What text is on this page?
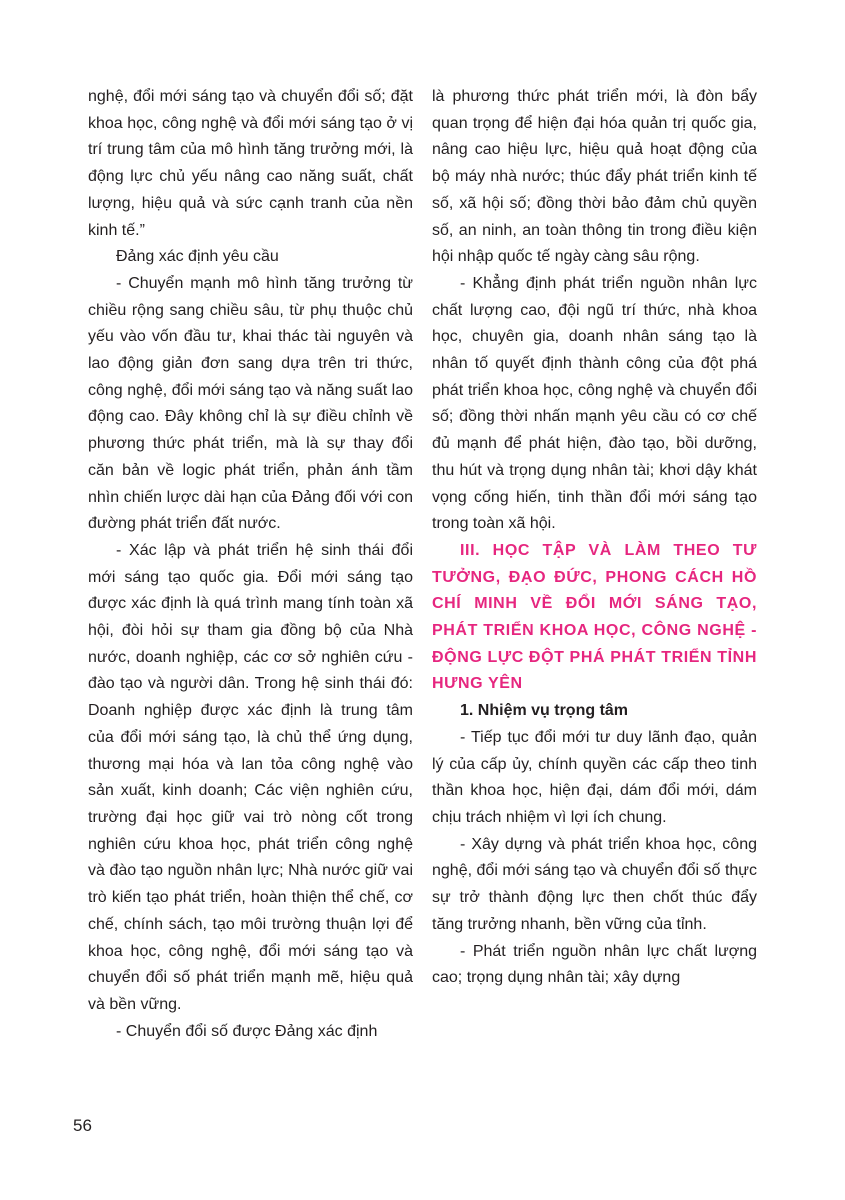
nghệ, đổi mới sáng tạo và chuyển đổi số; đặt khoa học, công nghệ và đổi mới sáng tạo ở vị trí trung tâm của mô hình tăng trưởng mới, là động lực chủ yếu nâng cao năng suất, chất lượng, hiệu quả và sức cạnh tranh của nền kinh tế.”

Đảng xác định yêu cầu

- Chuyển mạnh mô hình tăng trưởng từ chiều rộng sang chiều sâu, từ phụ thuộc chủ yếu vào vốn đầu tư, khai thác tài nguyên và lao động giản đơn sang dựa trên tri thức, công nghệ, đổi mới sáng tạo và năng suất lao động cao. Đây không chỉ là sự điều chỉnh về phương thức phát triển, mà là sự thay đổi căn bản về logic phát triển, phản ánh tầm nhìn chiến lược dài hạn của Đảng đối với con đường phát triển đất nước.

- Xác lập và phát triển hệ sinh thái đổi mới sáng tạo quốc gia. Đổi mới sáng tạo được xác định là quá trình mang tính toàn xã hội, đòi hỏi sự tham gia đồng bộ của Nhà nước, doanh nghiệp, các cơ sở nghiên cứu - đào tạo và người dân. Trong hệ sinh thái đó: Doanh nghiệp được xác định là trung tâm của đổi mới sáng tạo, là chủ thể ứng dụng, thương mại hóa và lan tỏa công nghệ vào sản xuất, kinh doanh; Các viện nghiên cứu, trường đại học giữ vai trò nòng cốt trong nghiên cứu khoa học, phát triển công nghệ và đào tạo nguồn nhân lực; Nhà nước giữ vai trò kiến tạo phát triển, hoàn thiện thể chế, cơ chế, chính sách, tạo môi trường thuận lợi để khoa học, công nghệ, đổi mới sáng tạo và chuyển đổi số phát triển mạnh mẽ, hiệu quả và bền vững.

- Chuyển đổi số được Đảng xác định

là phương thức phát triển mới, là đòn bẩy quan trọng để hiện đại hóa quản trị quốc gia, nâng cao hiệu lực, hiệu quả hoạt động của bộ máy nhà nước; thúc đẩy phát triển kinh tế số, xã hội số; đồng thời bảo đảm chủ quyền số, an ninh, an toàn thông tin trong điều kiện hội nhập quốc tế ngày càng sâu rộng.

- Khẳng định phát triển nguồn nhân lực chất lượng cao, đội ngũ trí thức, nhà khoa học, chuyên gia, doanh nhân sáng tạo là nhân tố quyết định thành công của đột phá phát triển khoa học, công nghệ và chuyển đổi số; đồng thời nhấn mạnh yêu cầu có cơ chế đủ mạnh để phát hiện, đào tạo, bồi dưỡng, thu hút và trọng dụng nhân tài; khơi dậy khát vọng cống hiến, tinh thần đổi mới sáng tạo trong toàn xã hội.

III. HỌC TẬP VÀ LÀM THEO TƯ TƯỞNG, ĐẠO ĐỨC, PHONG CÁCH HỒ CHÍ MINH VỀ ĐỔI MỚI SÁNG TẠO, PHÁT TRIỂN KHOA HỌC, CÔNG NGHỆ - ĐỘNG LỰC ĐỘT PHÁ PHÁT TRIỂN TỈNH HƯNG YÊN

1. Nhiệm vụ trọng tâm

- Tiếp tục đổi mới tư duy lãnh đạo, quản lý của cấp ủy, chính quyền các cấp theo tinh thần khoa học, hiện đại, dám đổi mới, dám chịu trách nhiệm vì lợi ích chung.

- Xây dựng và phát triển khoa học, công nghệ, đổi mới sáng tạo và chuyển đổi số thực sự trở thành động lực then chốt thúc đẩy tăng trưởng nhanh, bền vững của tỉnh.

- Phát triển nguồn nhân lực chất lượng cao; trọng dụng nhân tài; xây dựng

56
